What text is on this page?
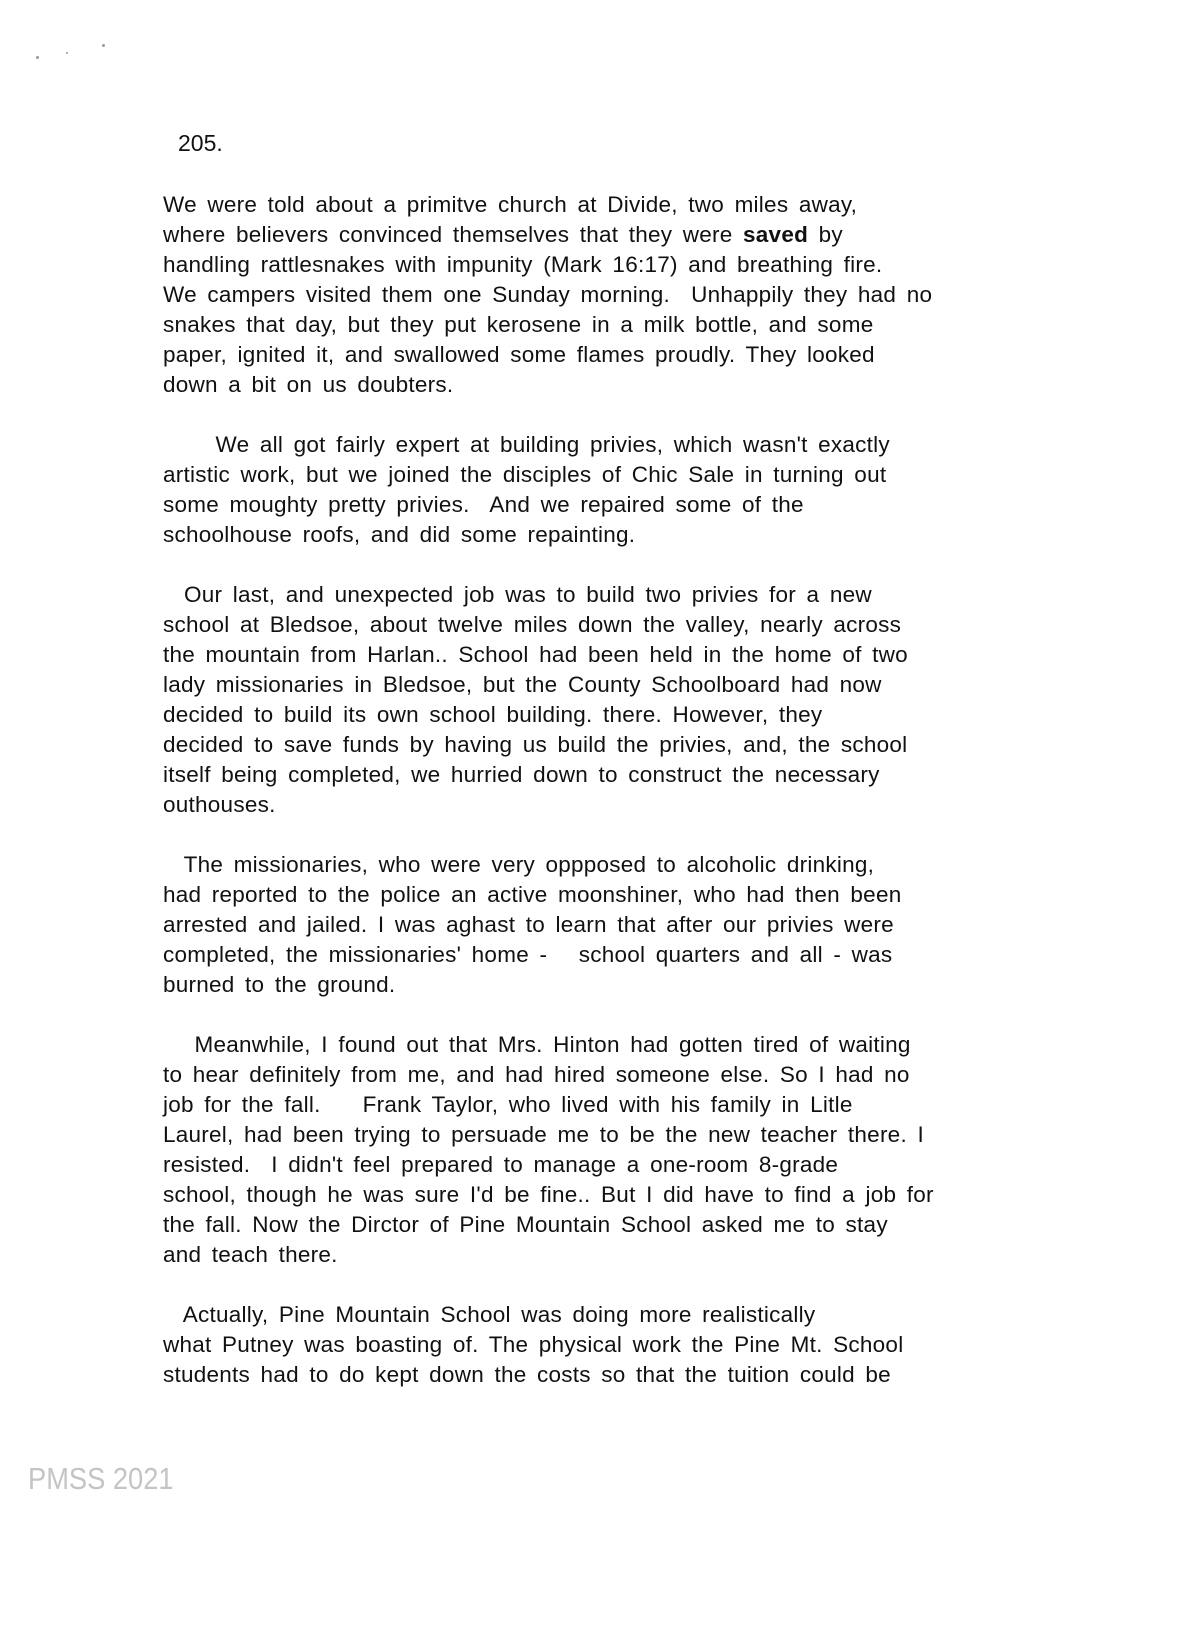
205.
We were told about a primitve church at Divide, two miles away,
where believers convinced themselves that they were saved by
handling rattlesnakes with impunity (Mark 16:17) and breathing fire.
We campers visited them one Sunday morning.  Unhappily they had no
snakes that day, but they put kerosene in a milk bottle, and some
paper, ignited it, and swallowed some flames proudly. They looked
down a bit on us doubters.
We all got fairly expert at building privies, which wasn't exactly
artistic work, but we joined the disciples of Chic Sale in turning out
some moughty pretty privies.  And we repaired some of the
schoolhouse roofs, and did some repainting.
Our last, and unexpected job was to build two privies for a new
school at Bledsoe, about twelve miles down the valley, nearly across
the mountain from Harlan.. School had been held in the home of two
lady missionaries in Bledsoe, but the County Schoolboard had now
decided to build its own school building. there. However, they
decided to save funds by having us build the privies, and, the school
itself being completed, we hurried down to construct the necessary
outhouses.
The missionaries, who were very oppposed to alcoholic drinking,
had reported to the police an active moonshiner, who had then been
arrested and jailed. I was aghast to learn that after our privies were
completed, the missionaries' home -   school quarters and all - was
burned to the ground.
Meanwhile, I found out that Mrs. Hinton had gotten tired of waiting
to hear definitely from me, and had hired someone else. So I had no
job for the fall.    Frank Taylor, who lived with his family in Litle
Laurel, had been trying to persuade me to be the new teacher there. I
resisted.  I didn't feel prepared to manage a one-room 8-grade
school, though he was sure I'd be fine.. But I did have to find a job for
the fall. Now the Dirctor of Pine Mountain School asked me to stay
and teach there.
Actually, Pine Mountain School was doing more realistically
what Putney was boasting of. The physical work the Pine Mt. School
students had to do kept down the costs so that the tuition could be
PMSS 2021
